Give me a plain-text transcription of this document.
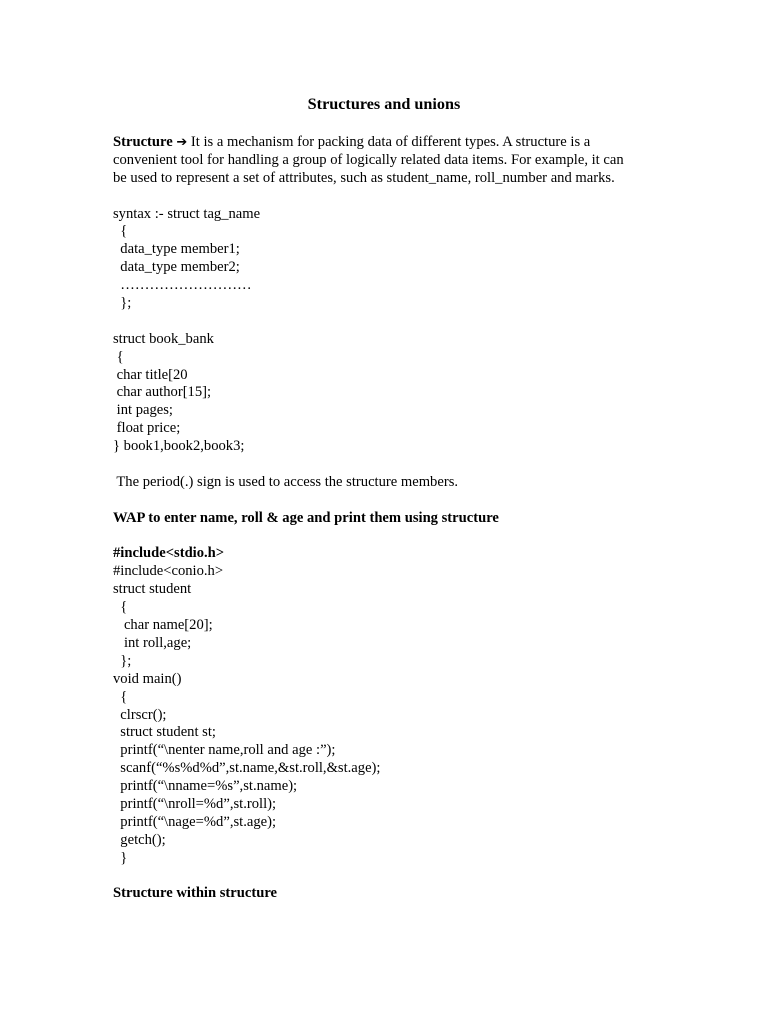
Structures and unions
Structure ➔ It is a mechanism for packing data of different types. A structure is a
convenient tool for handling a group of logically related data items. For example, it can
be used to represent a set of attributes, such as student_name, roll_number and marks.
syntax :- struct tag_name
{
data_type member1;
data_type member2;
………………………
};
struct book_bank
{
char title[20
char author[15];
int pages;
float price;
} book1,book2,book3;
The period(.) sign is used to access the structure members.
WAP to enter name, roll & age and print them using structure
#include<stdio.h>
#include<conio.h>
struct student
{
char name[20];
int roll,age;
};
void main()
{
clrscr();
struct student st;
printf(“\nenter name,roll and age :”);
scanf(“%s%d%d”,st.name,&st.roll,&st.age);
printf(“\nname=%s”,st.name);
printf(“\nroll=%d”,st.roll);
printf(“\nage=%d”,st.age);
getch();
}
Structure within structure
